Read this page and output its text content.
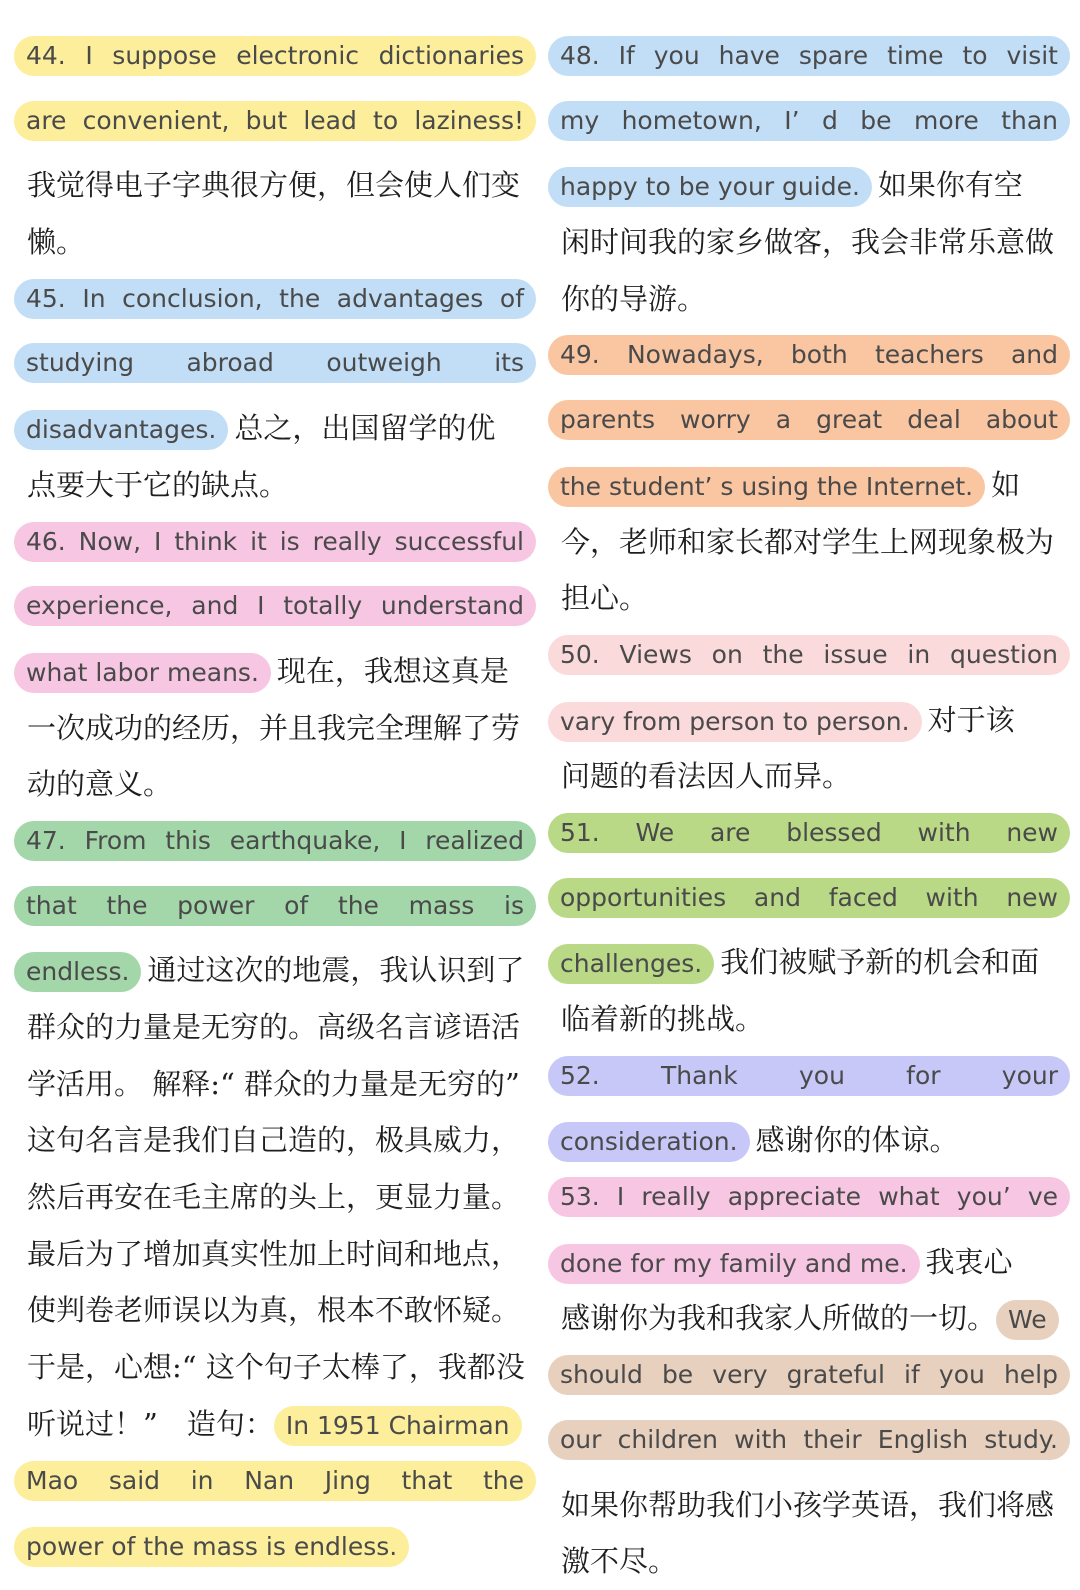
44. I suppose electronic dictionaries
are convenient, but lead to laziness!
我觉得电子字典很方便，但会使人们变
懒。
45. In conclusion, the advantages of
studying abroad outweigh its
disadvantages. 总之，出国留学的优
点要大于它的缺点。
46. Now, I think it is really successful
experience, and I totally understand
what labor means. 现在，我想这真是
一次成功的经历，并且我完全理解了劳
动的意义。
47. From this earthquake, I realized
that the power of the mass is
endless. 通过这次的地震，我认识到了
群众的力量是无穷的。高级名言谚语活
学活用。 解释:“ 群众的力量是无穷的”
这句名言是我们自己造的，极具威力，
然后再安在毛主席的头上，更显力量。
最后为了增加真实性加上时间和地点，
使判卷老师误以为真，根本不敢怀疑。
于是，心想:“ 这个句子太棒了，我都没
听说过！”　造句： In 1951 Chairman
Mao said in Nan Jing that the
power of the mass is endless.
48. If you have spare time to visit
my hometown, I’ d be more than
happy to be your guide. 如果你有空
闲时间我的家乡做客，我会非常乐意做
你的导游。
49. Nowadays, both teachers and
parents worry a great deal about
the student’ s using the Internet. 如
今，老师和家长都对学生上网现象极为
担心。
50. Views on the issue in question
vary from person to person. 对于该
问题的看法因人而异。
51. We are blessed with new
opportunities and faced with new
challenges. 我们被赋予新的机会和面
临着新的挑战。
52. Thank you for your
consideration. 感谢你的体谅。
53. I really appreciate what you’ ve
done for my family and me. 我衷心
感谢你为我和我家人所做的一切。 We
should be very grateful if you help
our children with their English study.
如果你帮助我们小孩学英语，我们将感
激不尽。
